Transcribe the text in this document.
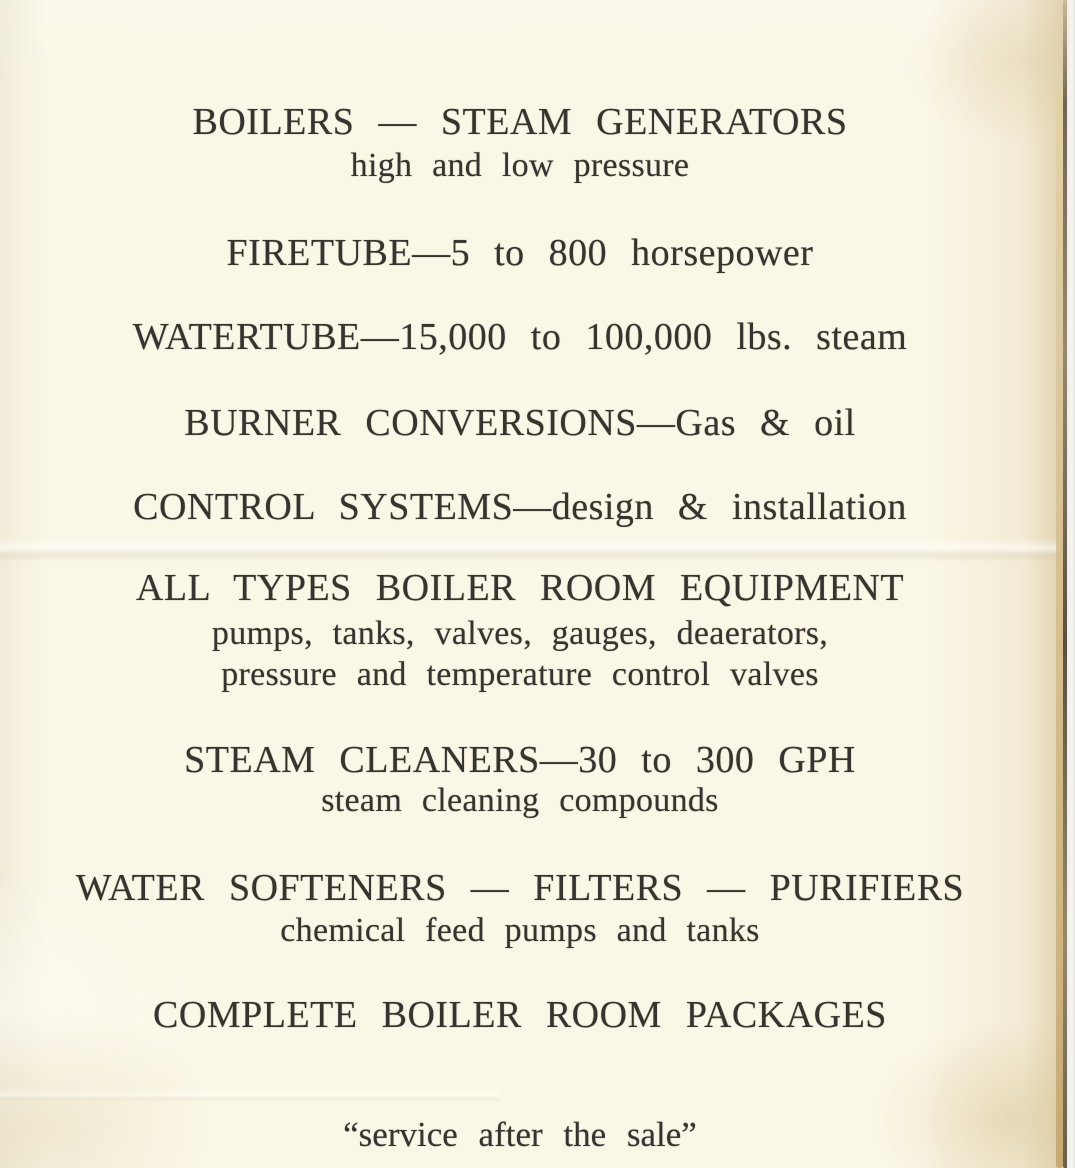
BOILERS — STEAM GENERATORS
high and low pressure
FIRETUBE—5 to 800 horsepower
WATERTUBE—15,000 to 100,000 lbs. steam
BURNER CONVERSIONS—Gas & oil
CONTROL SYSTEMS—design & installation
ALL TYPES BOILER ROOM EQUIPMENT
pumps, tanks, valves, gauges, deaerators,
pressure and temperature control valves
STEAM CLEANERS—30 to 300 GPH
steam cleaning compounds
WATER SOFTENERS — FILTERS — PURIFIERS
chemical feed pumps and tanks
COMPLETE BOILER ROOM PACKAGES
“service after the sale”
